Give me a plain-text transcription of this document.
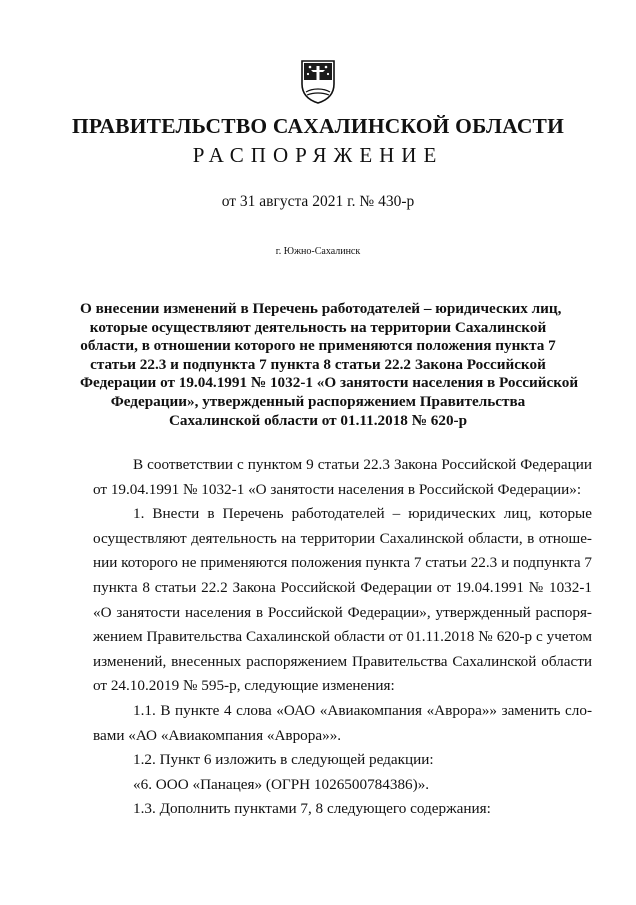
ПРАВИТЕЛЬСТВО САХАЛИНСКОЙ ОБЛАСТИ
РАСПОРЯЖЕНИЕ
от 31 августа 2021 г. № 430-р
г. Южно-Сахалинск
О внесении изменений в Перечень работодателей – юридических лиц,
которые осуществляют деятельность на территории Сахалинской
области, в отношении которого не применяются положения пункта 7
статьи 22.3 и подпункта 7 пункта 8 статьи 22.2 Закона Российской
Федерации от 19.04.1991 № 1032-1 «О занятости населения в Российской
Федерации», утвержденный распоряжением Правительства
Сахалинской области от 01.11.2018 № 620-р
В соответствии с пунктом 9 статьи 22.3 Закона Российской Федерации
от 19.04.1991 № 1032-1 «О занятости населения в Российской Федерации»:
1. Внести в Перечень работодателей – юридических лиц, которые
осуществляют деятельность на территории Сахалинской области, в отноше-
нии которого не применяются положения пункта 7 статьи 22.3 и подпункта 7
пункта 8 статьи 22.2 Закона Российской Федерации от 19.04.1991 № 1032-1
«О занятости населения в Российской Федерации», утвержденный распоря-
жением Правительства Сахалинской области от 01.11.2018 № 620-р с учетом
изменений, внесенных распоряжением Правительства Сахалинской области
от 24.10.2019 № 595-р, следующие изменения:
1.1. В пункте 4 слова «ОАО «Авиакомпания «Аврора»» заменить сло-
вами «АО «Авиакомпания «Аврора»».
1.2. Пункт 6 изложить в следующей редакции:
«6. ООО «Панацея» (ОГРН 1026500784386)».
1.3. Дополнить пунктами 7, 8 следующего содержания:
